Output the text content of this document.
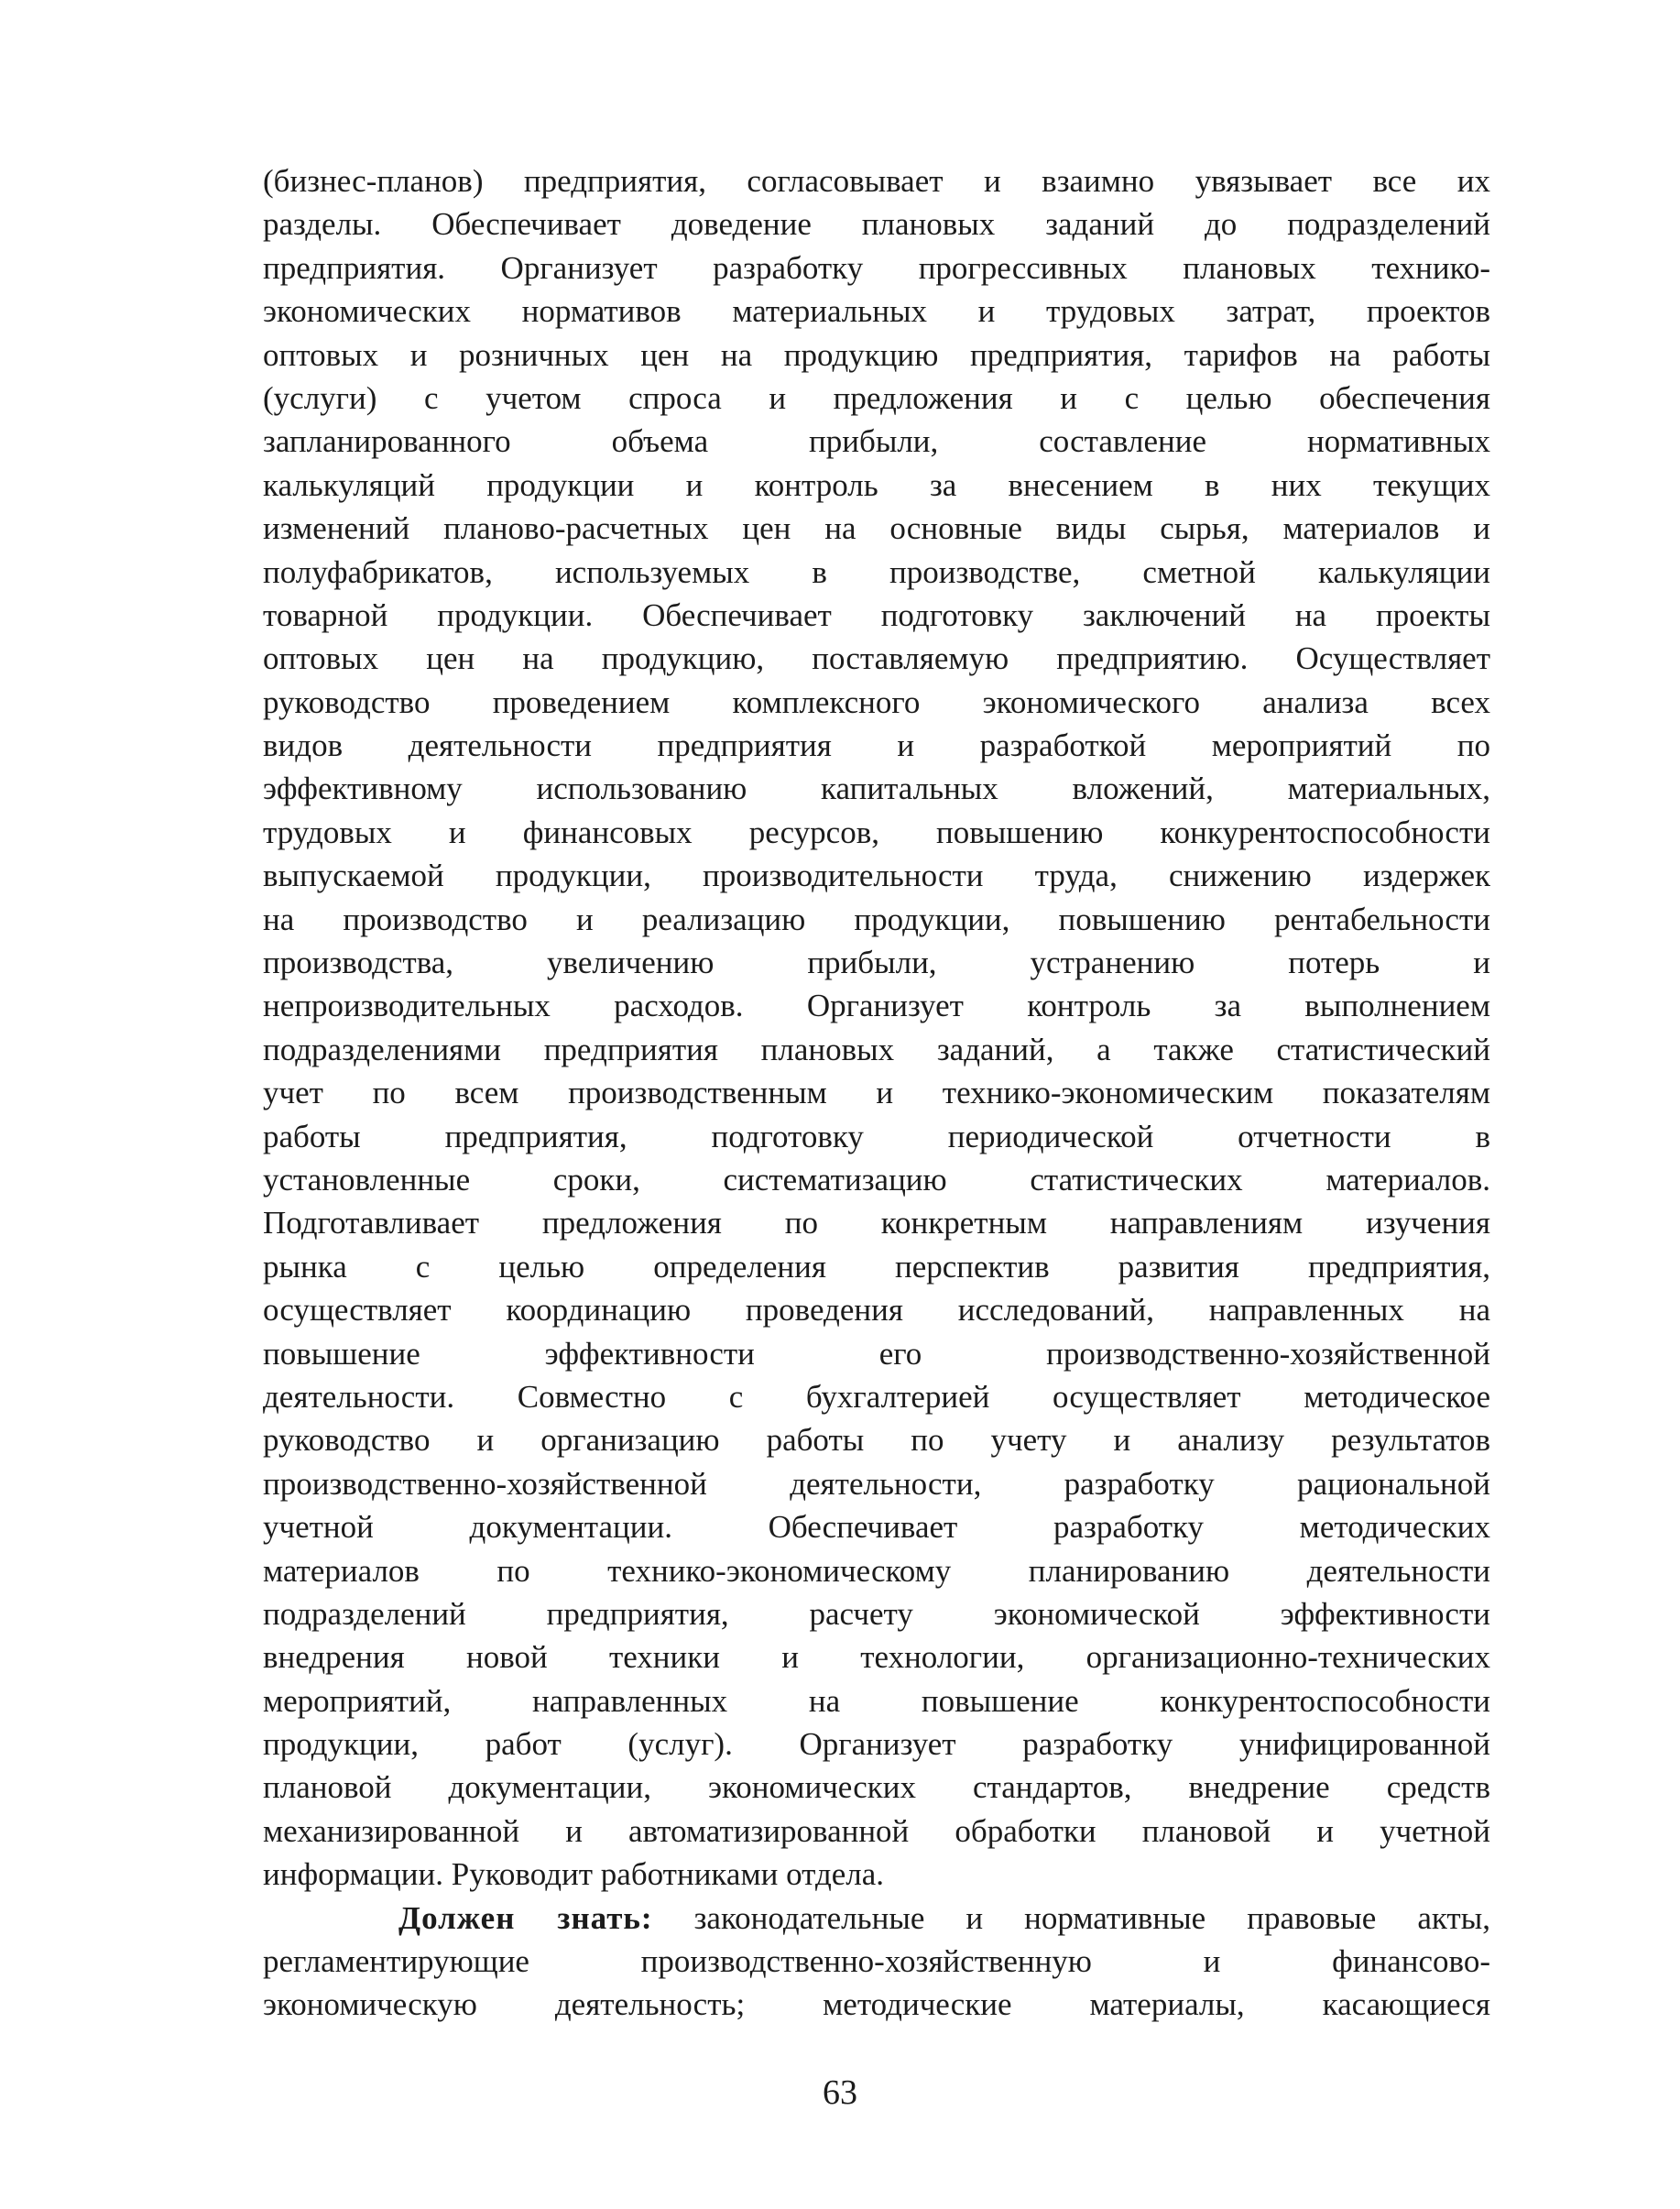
(бизнес-планов) предприятия, согласовывает и взаимно увязывает все их
разделы. Обеспечивает доведение плановых заданий до подразделений
предприятия. Организует разработку прогрессивных плановых технико-
экономических нормативов материальных и трудовых затрат, проектов
оптовых и розничных цен на продукцию предприятия, тарифов на работы
(услуги) с учетом спроса и предложения и с целью обеспечения
запланированного объема прибыли, составление нормативных
калькуляций продукции и контроль за внесением в них текущих
изменений планово-расчетных цен на основные виды сырья, материалов и
полуфабрикатов, используемых в производстве, сметной калькуляции
товарной продукции. Обеспечивает подготовку заключений на проекты
оптовых цен на продукцию, поставляемую предприятию. Осуществляет
руководство проведением комплексного экономического анализа всех
видов деятельности предприятия и разработкой мероприятий по
эффективному использованию капитальных вложений, материальных,
трудовых и финансовых ресурсов, повышению конкурентоспособности
выпускаемой продукции, производительности труда, снижению издержек
на производство и реализацию продукции, повышению рентабельности
производства, увеличению прибыли, устранению потерь и
непроизводительных расходов. Организует контроль за выполнением
подразделениями предприятия плановых заданий, а также статистический
учет по всем производственным и технико-экономическим показателям
работы предприятия, подготовку периодической отчетности в
установленные сроки, систематизацию статистических материалов.
Подготавливает предложения по конкретным направлениям изучения
рынка с целью определения перспектив развития предприятия,
осуществляет координацию проведения исследований, направленных на
повышение эффективности его производственно-хозяйственной
деятельности. Совместно с бухгалтерией осуществляет методическое
руководство и организацию работы по учету и анализу результатов
производственно-хозяйственной деятельности, разработку рациональной
учетной документации. Обеспечивает разработку методических
материалов по технико-экономическому планированию деятельности
подразделений предприятия, расчету экономической эффективности
внедрения новой техники и технологии, организационно-технических
мероприятий, направленных на повышение конкурентоспособности
продукции, работ (услуг). Организует разработку унифицированной
плановой документации, экономических стандартов, внедрение средств
механизированной и автоматизированной обработки плановой и учетной
информации. Руководит работниками отдела.
Должен знать: законодательные и нормативные правовые акты,
регламентирующие производственно-хозяйственную и финансово-
экономическую деятельность; методические материалы, касающиеся
63
